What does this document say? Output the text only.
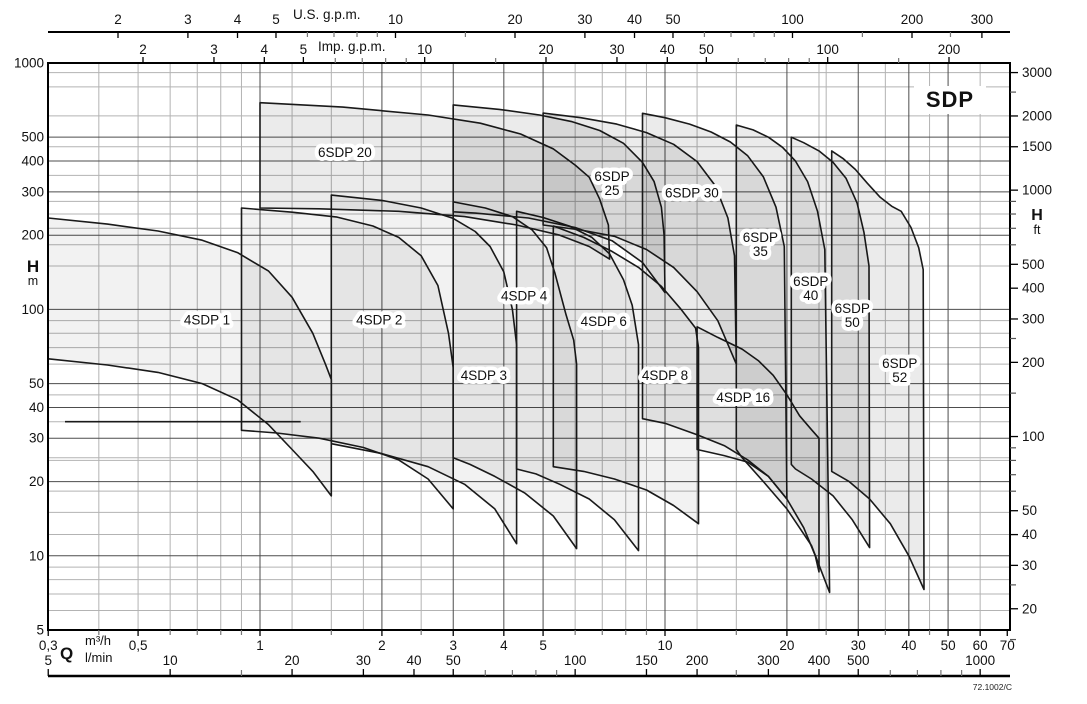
2	3	4 5	10	20	30	40 50	100	200	300
2	3	4 5	10	20	30	40 50	100	200
1000
500
400
300
200
100
50
40
30
20
10
5
3000
2000
1500
1000
500
400
300
200
100
50
40
30
20
0,3	0,5	1	2	3	4 5	10	20	30	40 50 60 70
5	10	20	30	40 50	100	150 200	300 400 500	1000
4SDP 1	4SDP 2
4SDP 3
4SDP 4
4SDP 6
4SDP 8
4SDP 16
6SDP 20
6SDP 25	6SDP 30
6SDP 35
6SDP 40
6SDP 50
6SDP 52
SDP
U.S. g.p.m.
Imp. g.p.m.
H
m
H
ft
Q
m³/h
l/min
72.1002/C
